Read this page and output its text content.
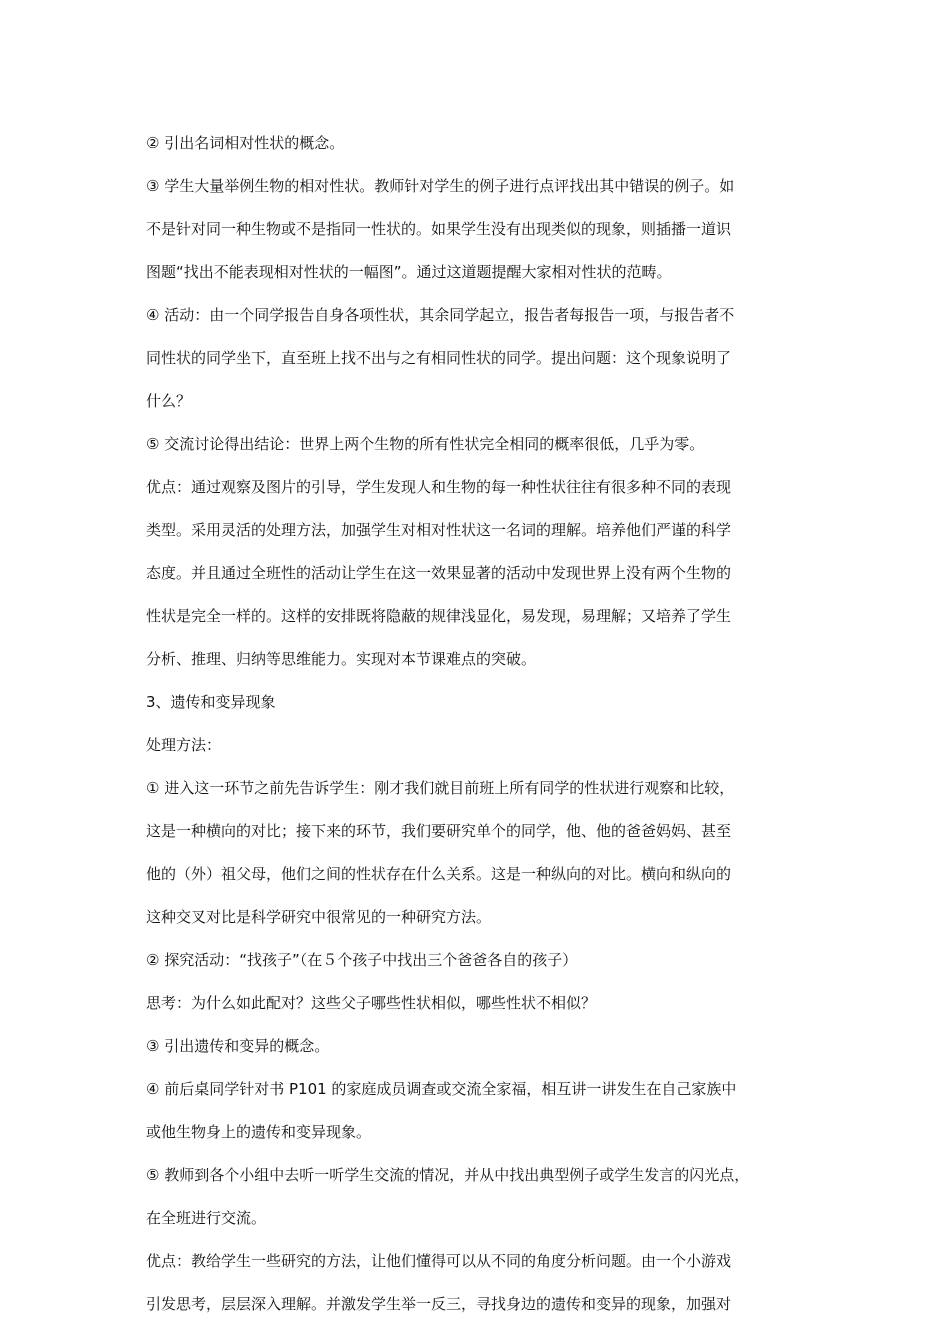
② 引出名词相对性状的概念。
③ 学生大量举例生物的相对性状。教师针对学生的例子进行点评找出其中错误的例子。如
不是针对同一种生物或不是指同一性状的。如果学生没有出现类似的现象，则插播一道识
图题“找出不能表现相对性状的一幅图”。通过这道题提醒大家相对性状的范畴。
④ 活动：由一个同学报告自身各项性状，其余同学起立，报告者每报告一项，与报告者不
同性状的同学坐下，直至班上找不出与之有相同性状的同学。提出问题：这个现象说明了
什么？
⑤ 交流讨论得出结论：世界上两个生物的所有性状完全相同的概率很低，几乎为零。
优点：通过观察及图片的引导，学生发现人和生物的每一种性状往往有很多种不同的表现
类型。采用灵活的处理方法，加强学生对相对性状这一名词的理解。培养他们严谨的科学
态度。并且通过全班性的活动让学生在这一效果显著的活动中发现世界上没有两个生物的
性状是完全一样的。这样的安排既将隐蔽的规律浅显化，易发现，易理解；又培养了学生
分析、推理、归纳等思维能力。实现对本节课难点的突破。
3、遗传和变异现象
处理方法：
① 进入这一环节之前先告诉学生：刚才我们就目前班上所有同学的性状进行观察和比较，
这是一种横向的对比；接下来的环节，我们要研究单个的同学，他、他的爸爸妈妈、甚至
他的（外）祖父母，他们之间的性状存在什么关系。这是一种纵向的对比。横向和纵向的
这种交叉对比是科学研究中很常见的一种研究方法。
② 探究活动：“找孩子”（在５个孩子中找出三个爸爸各自的孩子）
思考：为什么如此配对？这些父子哪些性状相似，哪些性状不相似？
③ 引出遗传和变异的概念。
④ 前后桌同学针对书 P101 的家庭成员调查或交流全家福，相互讲一讲发生在自己家族中
或他生物身上的遗传和变异现象。
⑤ 教师到各个小组中去听一听学生交流的情况，并从中找出典型例子或学生发言的闪光点，
在全班进行交流。
优点：教给学生一些研究的方法，让他们懂得可以从不同的角度分析问题。由一个小游戏
引发思考，层层深入理解。并激发学生举一反三，寻找身边的遗传和变异的现象，加强对
